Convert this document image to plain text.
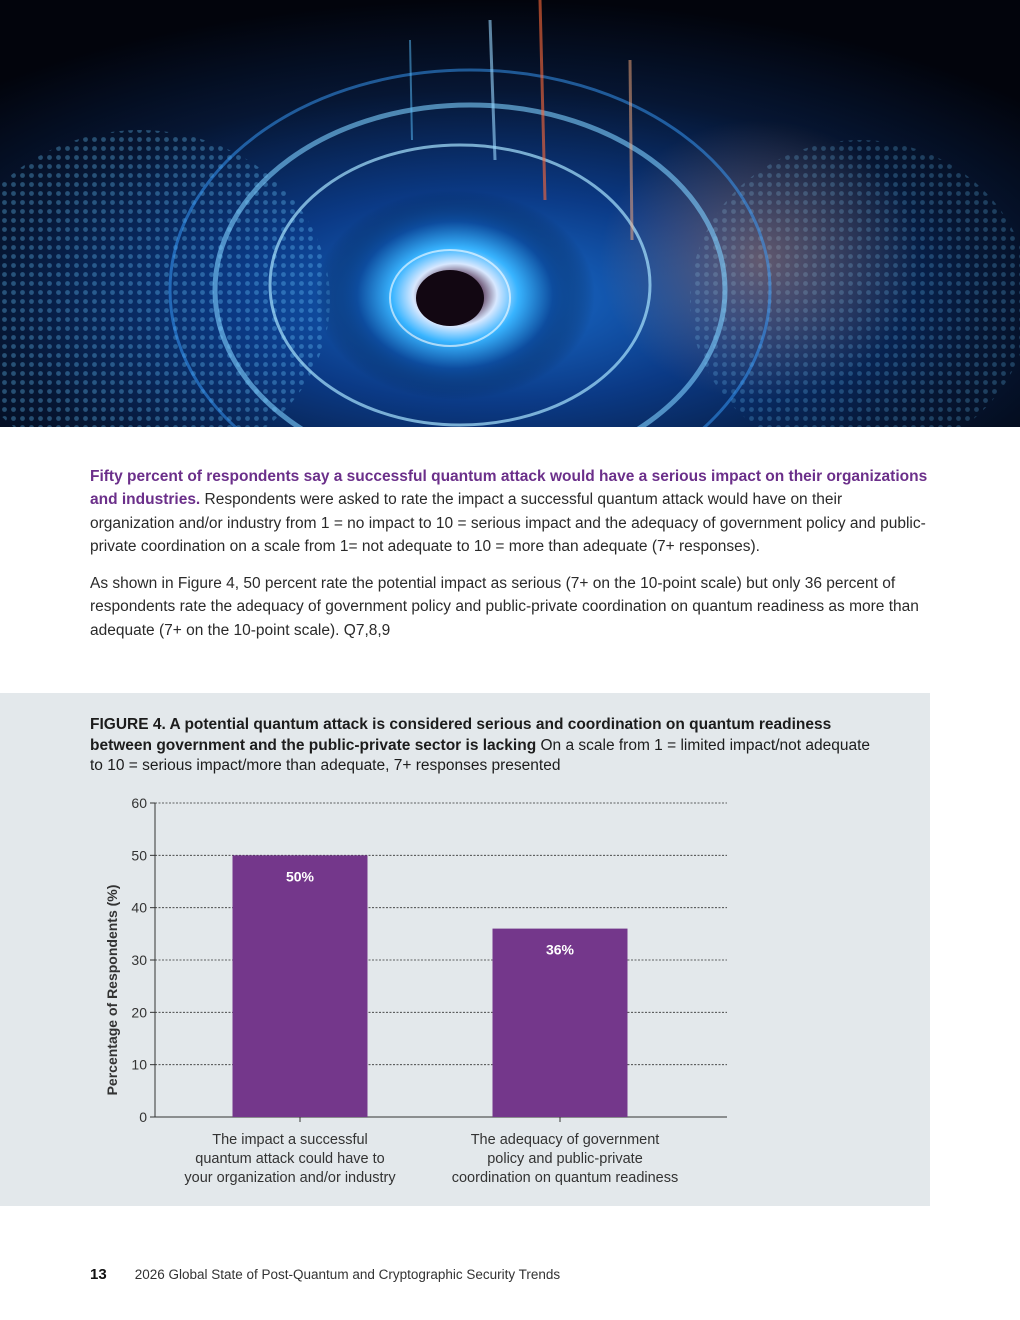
Fifty percent of respondents say a successful quantum attack would have a serious impact on their organizations and industries. Respondents were asked to rate the impact a successful quantum attack would have on their organization and/or industry from 1 = no impact to 10 = serious impact and the adequacy of government policy and public-private coordination on a scale from 1= not adequate to 10 = more than adequate (7+ responses).

As shown in Figure 4, 50 percent rate the potential impact as serious (7+ on the 10-point scale) but only 36 percent of respondents rate the adequacy of government policy and public-private coordination on quantum readiness as more than adequate (7+ on the 10-point scale). Q7,8,9

FIGURE 4. A potential quantum attack is considered serious and coordination on quantum readiness between government and the public-private sector is lacking On a scale from 1 = limited impact/not adequate to 10 = serious impact/more than adequate, 7+ responses presented
0
10
20
30
40
50
60
Percentage of Respondents (%)
50%
The impact a successful
quantum attack could have to
your organization and/or industry
36%
The adequacy of government
policy and public-private
coordination on quantum readiness
13 2026 Global State of Post-Quantum and Cryptographic Security Trends
